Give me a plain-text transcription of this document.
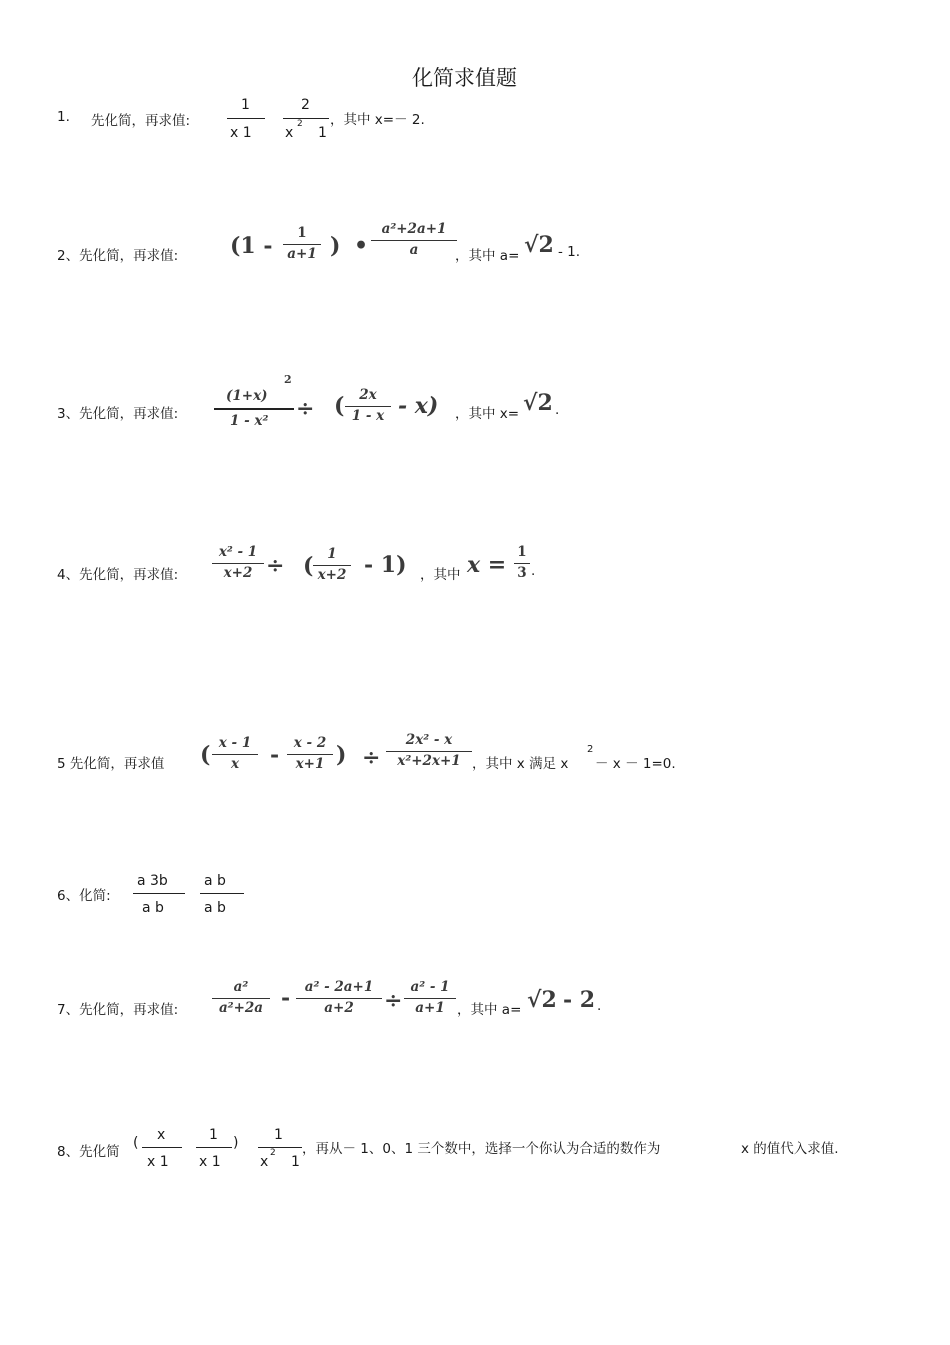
化简求值题
1. 先化简，再求值:
1
x 1
2
x
2
1
，其中 x=－ 2.
2、先化简，再求值: (1 - 1
a+1 ) •
a²+2a+1
a	，其中 a= √2 - 1.
3、先化简，再求值:
(1+x)
2
1 - x² ÷ ( 2x
1 - x - x) ，其中 x= √2 .
4、先化简，再求值:
x² - 1
x+2 ÷ ( 1
x+2 - 1) ，其中 x = 1
3 .
5 先化简，再求值 ( x - 1
x - x - 2
x+1 ) ÷
2x² - x
x²+2x+1 ，其中 x 满足 x
2
－ x － 1=0.
6、化简:
a 3b
a b
a b
a b
7、先化简，再求值:
a²
a²+2a - a² - 2a+1
a+2 ÷
a² - 1
a+1 ，其中 a= √2 - 2 .
8、先化简
( x
x 1
1
x 1
)	1
x
2
1
，再从－ 1、0、1 三个数中，选择一个你认为合适的数作为	x 的值代入求值.
